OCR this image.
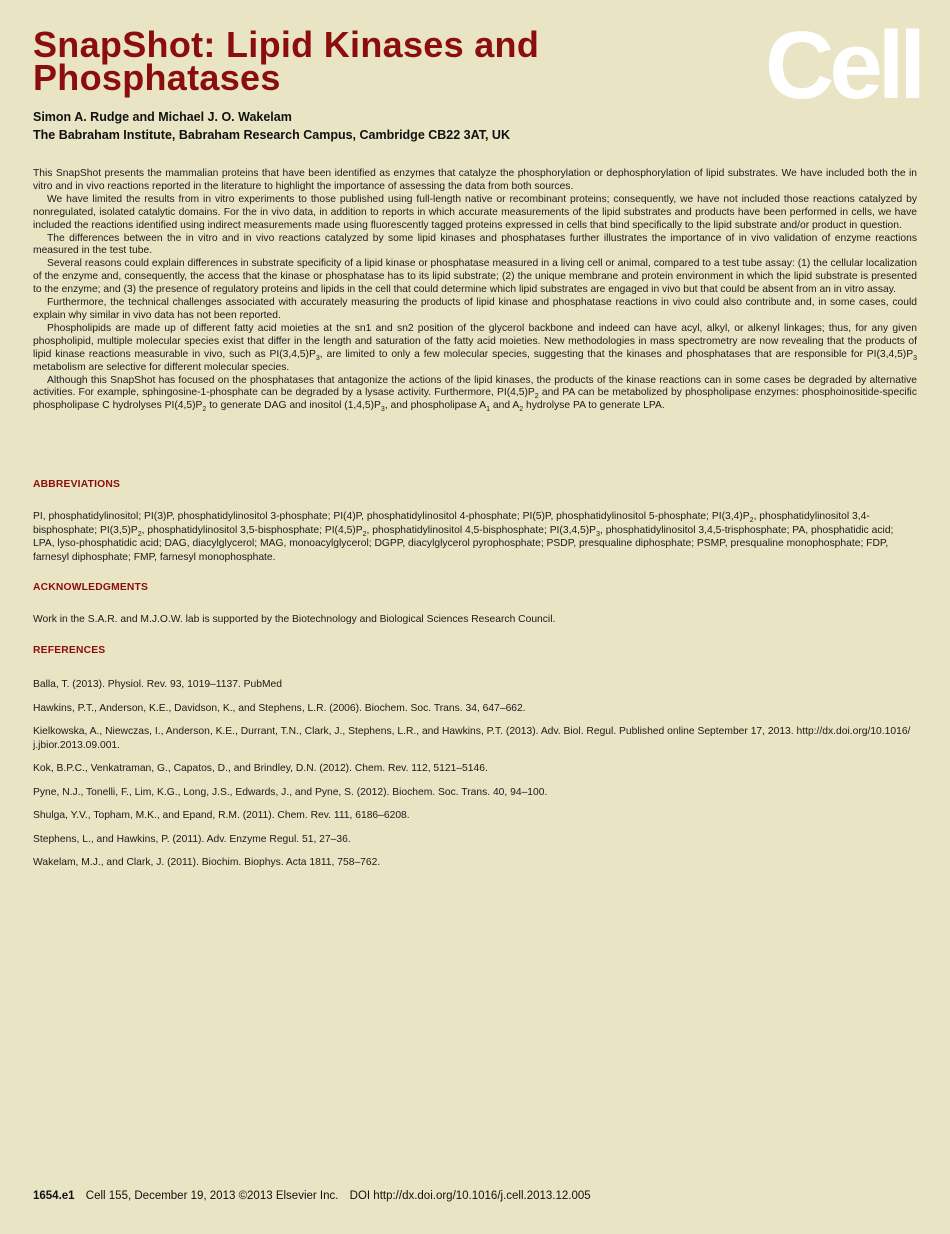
SnapShot: Lipid Kinases and Phosphatases	Cell
Simon A. Rudge and Michael J. O. Wakelam
The Babraham Institute, Babraham Research Campus, Cambridge CB22 3AT, UK

This SnapShot presents the mammalian proteins that have been identified as enzymes that catalyze the phosphorylation or dephosphorylation of lipid substrates. We have included both the in vitro and in vivo reactions reported in the literature to highlight the importance of assessing the data from both sources.

We have limited the results from in vitro experiments to those published using full-length native or recombinant proteins; consequently, we have not included those reactions catalyzed by nonregulated, isolated catalytic domains. For the in vivo data, in addition to reports in which accurate measurements of the lipid substrates and products have been performed in cells, we have included the reactions identified using indirect measurements made using fluorescently tagged proteins expressed in cells that bind specifically to the lipid substrate and/or product in question.

The differences between the in vitro and in vivo reactions catalyzed by some lipid kinases and phosphatases further illustrates the importance of in vivo validation of enzyme reactions measured in the test tube.

Several reasons could explain differences in substrate specificity of a lipid kinase or phosphatase measured in a living cell or animal, compared to a test tube assay: (1) the cellular localization of the enzyme and, consequently, the access that the kinase or phosphatase has to its lipid substrate; (2) the unique membrane and protein environment in which the lipid substrate is presented to the enzyme; and (3) the presence of regulatory proteins and lipids in the cell that could determine which lipid substrates are engaged in vivo but that could be absent from an in vitro assay.

Furthermore, the technical challenges associated with accurately measuring the products of lipid kinase and phosphatase reactions in vivo could also contribute and, in some cases, could explain why similar in vivo data has not been reported.

Phospholipids are made up of different fatty acid moieties at the sn1 and sn2 position of the glycerol backbone and indeed can have acyl, alkyl, or alkenyl linkages; thus, for any given phospholipid, multiple molecular species exist that differ in the length and saturation of the fatty acid moieties. New methodologies in mass spectrometry are now revealing that the products of lipid kinase reactions measurable in vivo, such as $PI(3,4,5)P_3$, are limited to only a few molecular species, suggesting that the kinases and phosphatases that are responsible for $PI(3,4,5)P_3$ metabolism are selective for different molecular species.

Although this SnapShot has focused on the phosphatases that antagonize the actions of the lipid kinases, the products of the kinase reactions can in some cases be degraded by alternative activities. For example, sphingosine-1-phosphate can be degraded by a lysase activity. Furthermore, $PI(4,5)P_2$ and PA can be metabolized by phospholipase enzymes: phosphoinositide-specific phospholipase C hydrolyses $PI(4,5)P_2$ to generate DAG and inositol $(1,4,5)P_3$, and phospholipase $A_1$ and $A_2$ hydrolyse PA to generate LPA.

ABBREVIATIONS
PI, phosphatidylinositol; PI(3)P, phosphatidylinositol 3-phosphate; PI(4)P, phosphatidylinositol 4-phosphate; PI(5)P, phosphatidylinositol 5-phosphate; $PI(3,4)P_2$, phosphatidylinositol 3,4-bisphosphate; $PI(3,5)P_2$, phosphatidylinositol 3,5-bisphosphate; $PI(4,5)P_2$, phosphatidylinositol 4,5-bisphosphate; $PI(3,4,5)P_3$, phosphatidylinositol 3,4,5-trisphosphate; PA, phosphatidic acid; LPA, lyso-phosphatidic acid; DAG, diacylglycerol; MAG, monoacylglycerol; DGPP, diacylglycerol pyrophosphate; PSDP, presqualine diphosphate; PSMP, presqualine monophosphate; FDP, farnesyl diphosphate; FMP, farnesyl monophosphate.
ACKNOWLEDGMENTS
Work in the S.A.R. and M.J.O.W. lab is supported by the Biotechnology and Biological Sciences Research Council.
REFERENCES
Balla, T. (2013). Physiol. Rev. 93, 1019–1137. PubMed
Hawkins, P.T., Anderson, K.E., Davidson, K., and Stephens, L.R. (2006). Biochem. Soc. Trans. 34, 647–662.
Kielkowska, A., Niewczas, I., Anderson, K.E., Durrant, T.N., Clark, J., Stephens, L.R., and Hawkins, P.T. (2013). Adv. Biol. Regul. Published online September 17, 2013. http://dx.doi.org/10.1016/ j.jbior.2013.09.001.
Kok, B.P.C., Venkatraman, G., Capatos, D., and Brindley, D.N. (2012). Chem. Rev. 112, 5121–5146.
Pyne, N.J., Tonelli, F., Lim, K.G., Long, J.S., Edwards, J., and Pyne, S. (2012). Biochem. Soc. Trans. 40, 94–100.
Shulga, Y.V., Topham, M.K., and Epand, R.M. (2011). Chem. Rev. 111, 6186–6208.
Stephens, L., and Hawkins, P. (2011). Adv. Enzyme Regul. 51, 27–36.
Wakelam, M.J., and Clark, J. (2011). Biochim. Biophys. Acta 1811, 758–762.
1654.e1 Cell 155, December 19, 2013 ©2013 Elsevier Inc. DOI http://dx.doi.org/10.1016/j.cell.2013.12.005
